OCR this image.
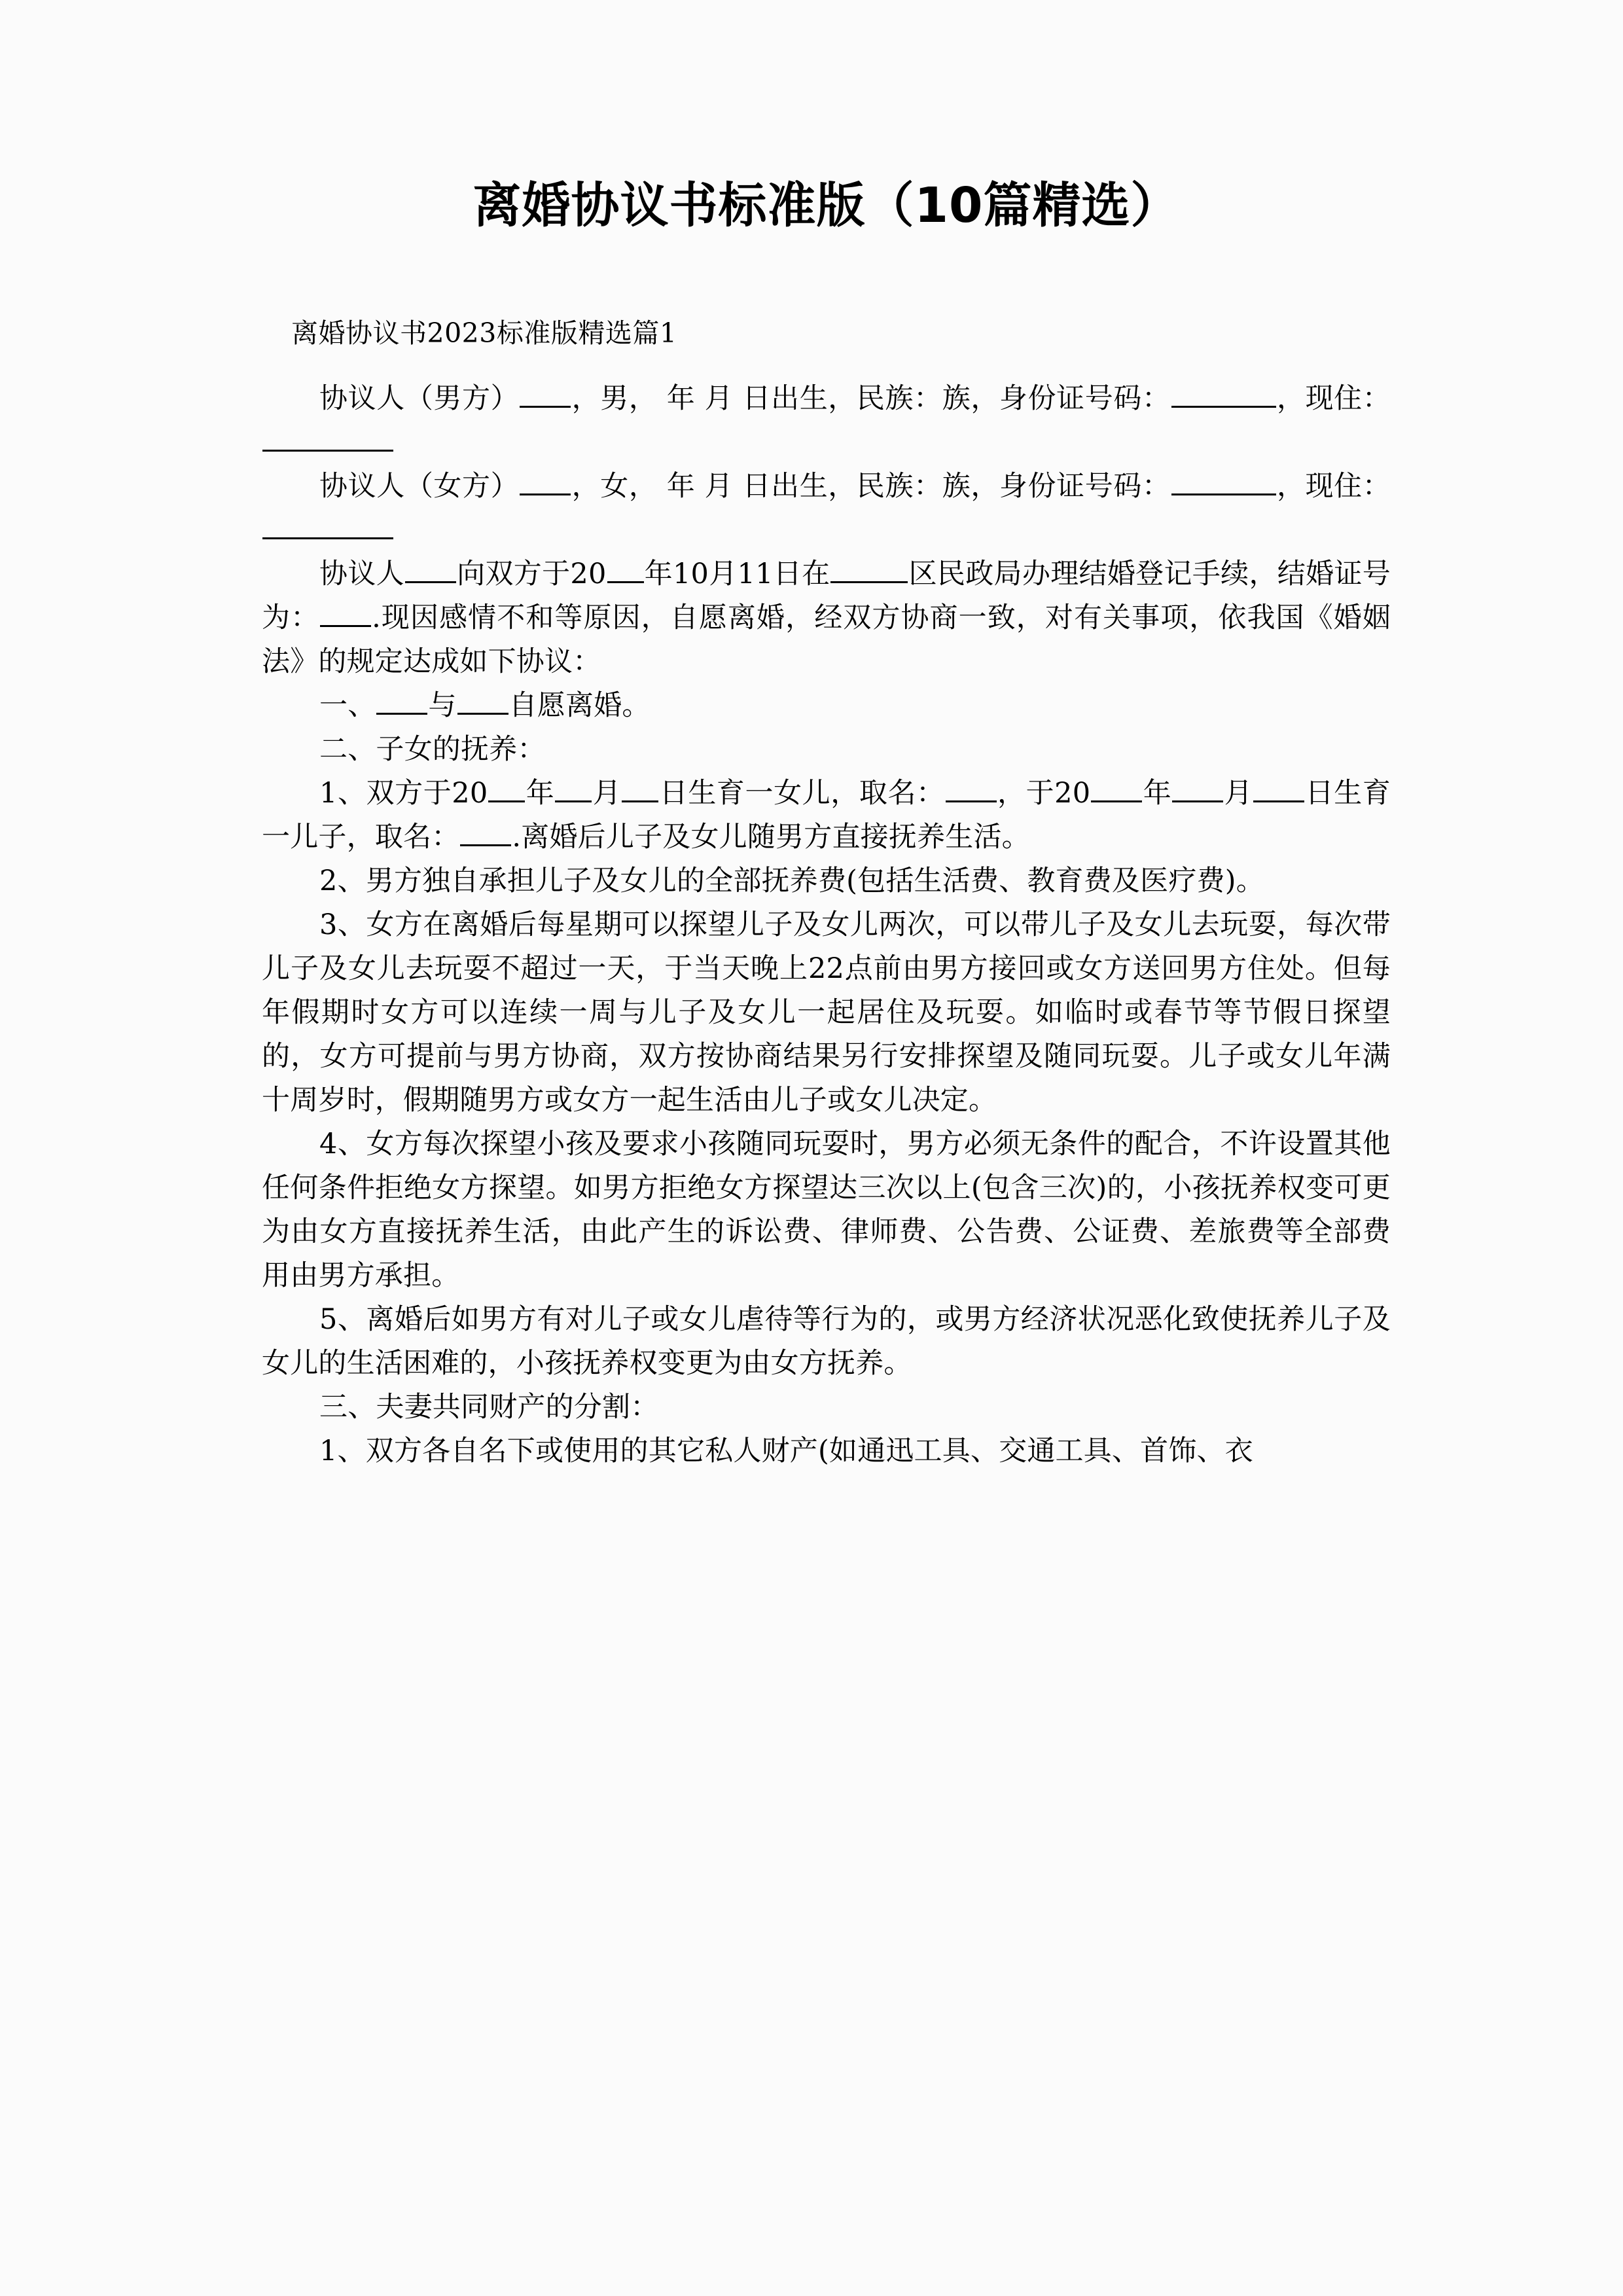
离婚协议书标准版（10篇精选）
离婚协议书2023标准版精选篇1

协议人（男方） ，男， 年 月 日出生，民族：族，身份证号码：	，现住：

协议人（女方） ，女， 年 月 日出生，民族：族，身份证号码：	，现住：

协议人 向双方于20 年10月11日在	区民政局办理结婚登记手续，结婚证号为： .现因感情不和等原因，自愿离婚，经双方协商一致，对有关事项，依我国《婚姻法》的规定达成如下协议：

一、 与 自愿离婚。

二、子女的抚养：

1、双方于20 年 月 日生育一女儿，取名： ，于20 年 月 日生育一儿子，取名： .离婚后儿子及女儿随男方直接抚养生活。

2、男方独自承担儿子及女儿的全部抚养费(包括生活费、教育费及医疗费)。

3、女方在离婚后每星期可以探望儿子及女儿两次，可以带儿子及女儿去玩耍，每次带儿子及女儿去玩耍不超过一天，于当天晚上22点前由男方接回或女方送回男方住处。但每年假期时女方可以连续一周与儿子及女儿一起居住及玩耍。如临时或春节等节假日探望的，女方可提前与男方协商，双方按协商结果另行安排探望及随同玩耍。儿子或女儿年满十周岁时，假期随男方或女方一起生活由儿子或女儿决定。

4、女方每次探望小孩及要求小孩随同玩耍时，男方必须无条件的配合，不许设置其他任何条件拒绝女方探望。如男方拒绝女方探望达三次以上(包含三次)的，小孩抚养权变可更为由女方直接抚养生活，由此产生的诉讼费、律师费、公告费、公证费、差旅费等全部费用由男方承担。

5、离婚后如男方有对儿子或女儿虐待等行为的，或男方经济状况恶化致使抚养儿子及女儿的生活困难的，小孩抚养权变更为由女方抚养。

三、夫妻共同财产的分割：

1、双方各自名下或使用的其它私人财产(如通迅工具、交通工具、首饰、衣
